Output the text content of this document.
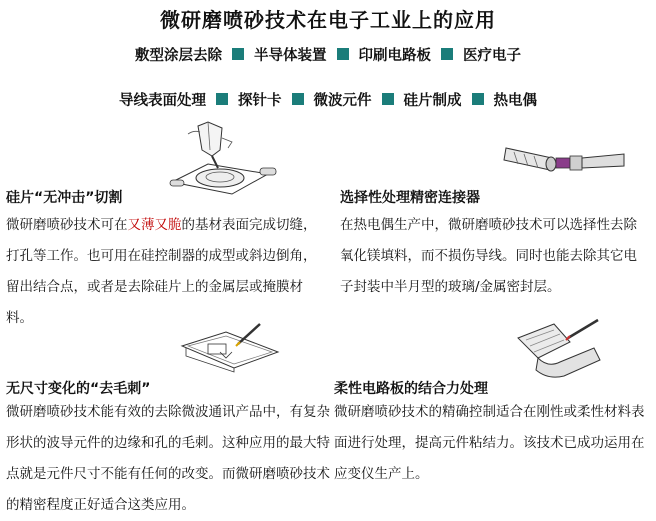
微研磨喷砂技术在电子工业上的应用
敷型涂层去除 半导体装置 印刷电路板 医疗电子
导线表面处理 探针卡 微波元件 硅片制成 热电偶
硅片“无冲击”切割
微研磨喷砂技术可在又薄又脆的基材表面完成切缝，打孔等工作。也可用在硅控制器的成型或斜边倒角，留出结合点，或者是去除硅片上的金属层或掩膜材料。
选择性处理精密连接器
在热电偶生产中，微研磨喷砂技术可以选择性去除氧化镁填料，而不损伤导线。同时也能去除其它电子封装中半月型的玻璃/金属密封层。
无尺寸变化的“去毛刺”
微研磨喷砂技术能有效的去除微波通讯产品中，有复杂形状的波导元件的边缘和孔的毛刺。这种应用的最大特点就是元件尺寸不能有任何的改变。而微研磨喷砂技术的精密程度正好适合这类应用。
柔性电路板的结合力处理
微研磨喷砂技术的精确控制适合在刚性或柔性材料表面进行处理，提高元件粘结力。该技术已成功运用在应变仪生产上。
